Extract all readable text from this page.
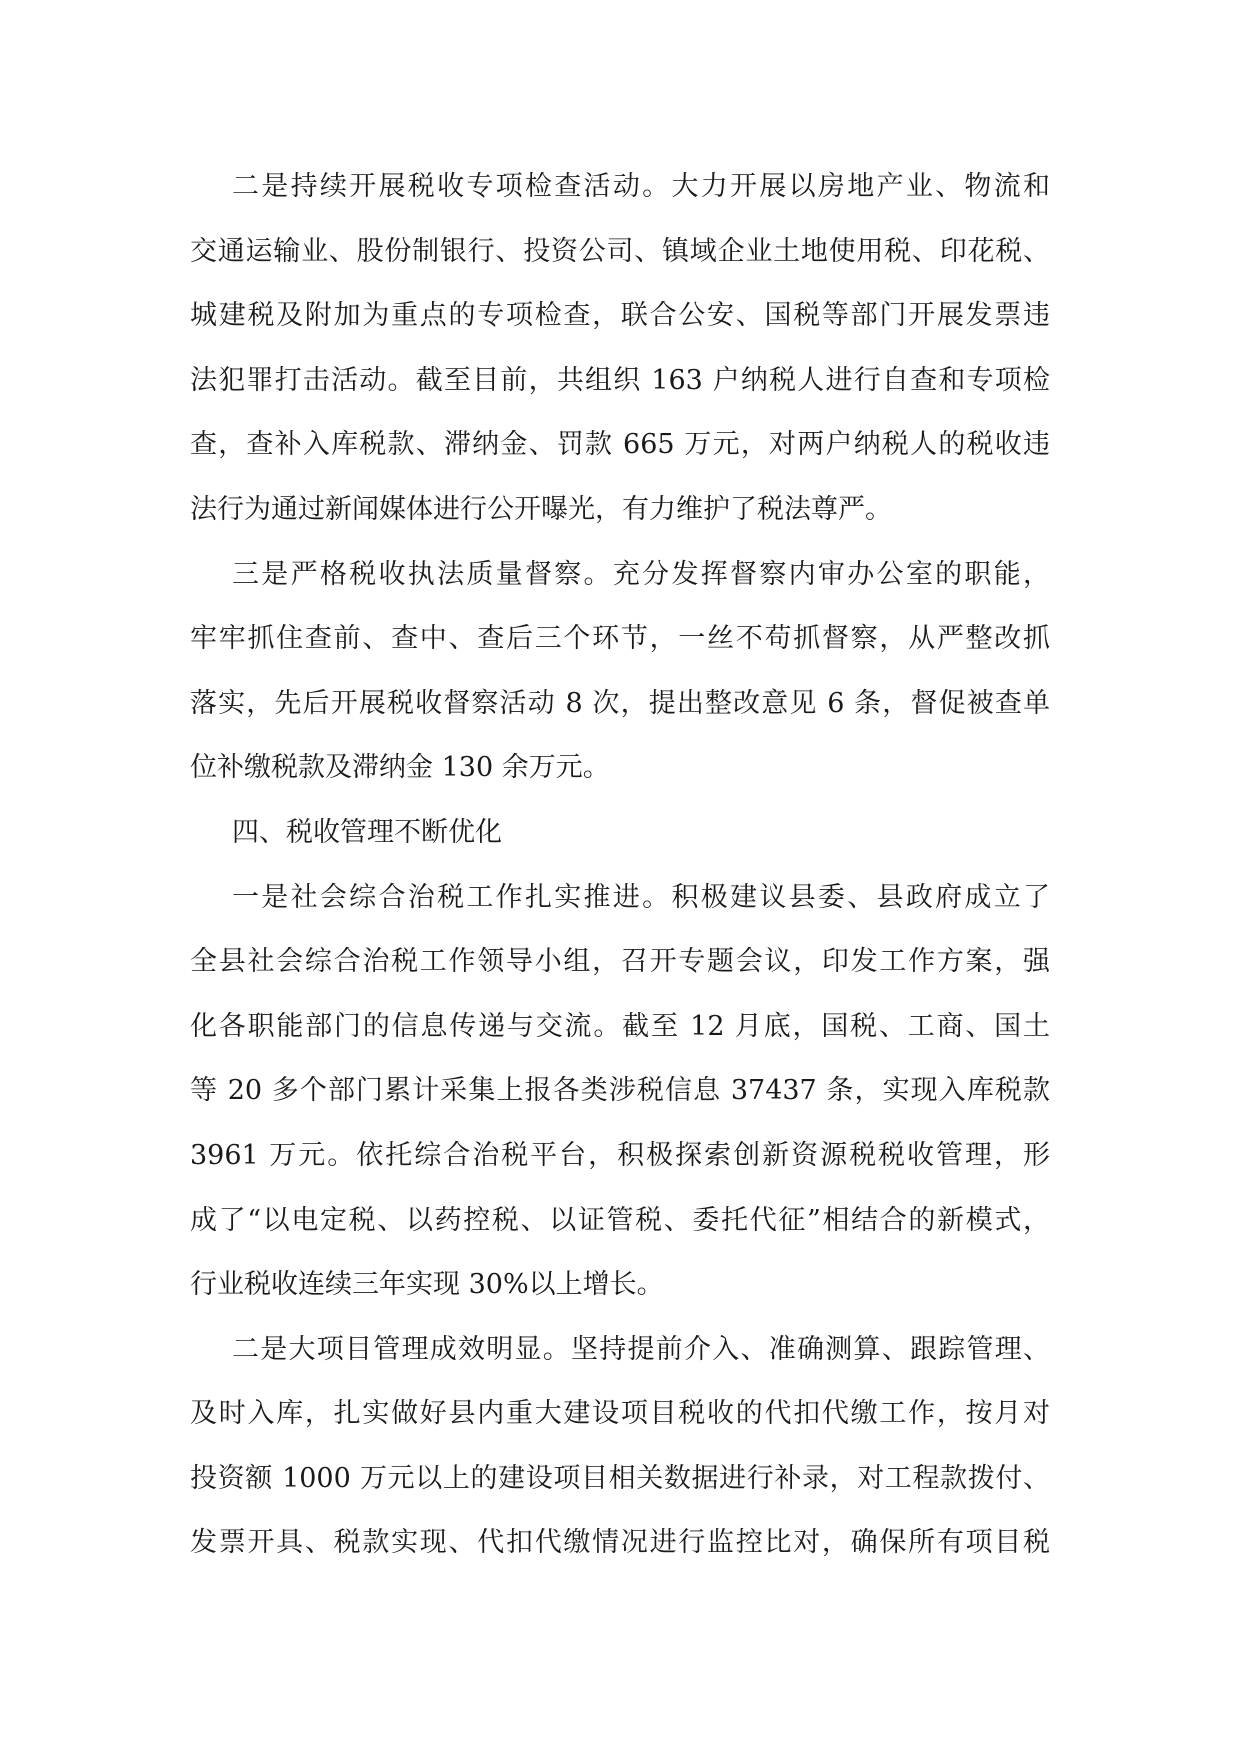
二是持续开展税收专项检查活动。大力开展以房地产业、物流和
交通运输业、股份制银行、投资公司、镇域企业土地使用税、印花税、
城建税及附加为重点的专项检查，联合公安、国税等部门开展发票违
法犯罪打击活动。截至目前，共组织 163 户纳税人进行自查和专项检
查，查补入库税款、滞纳金、罚款 665 万元，对两户纳税人的税收违
法行为通过新闻媒体进行公开曝光，有力维护了税法尊严。
三是严格税收执法质量督察。充分发挥督察内审办公室的职能，
牢牢抓住查前、查中、查后三个环节，一丝不苟抓督察，从严整改抓
落实，先后开展税收督察活动 8 次，提出整改意见 6 条，督促被查单
位补缴税款及滞纳金 130 余万元。
四、税收管理不断优化
一是社会综合治税工作扎实推进。积极建议县委、县政府成立了
全县社会综合治税工作领导小组，召开专题会议，印发工作方案，强
化各职能部门的信息传递与交流。截至 12 月底，国税、工商、国土
等 20 多个部门累计采集上报各类涉税信息 37437 条，实现入库税款
3961 万元。依托综合治税平台，积极探索创新资源税税收管理，形
成了“以电定税、以药控税、以证管税、委托代征”相结合的新模式，
行业税收连续三年实现 30%以上增长。
二是大项目管理成效明显。坚持提前介入、准确测算、跟踪管理、
及时入库，扎实做好县内重大建设项目税收的代扣代缴工作，按月对
投资额 1000 万元以上的建设项目相关数据进行补录，对工程款拨付、
发票开具、税款实现、代扣代缴情况进行监控比对，确保所有项目税
